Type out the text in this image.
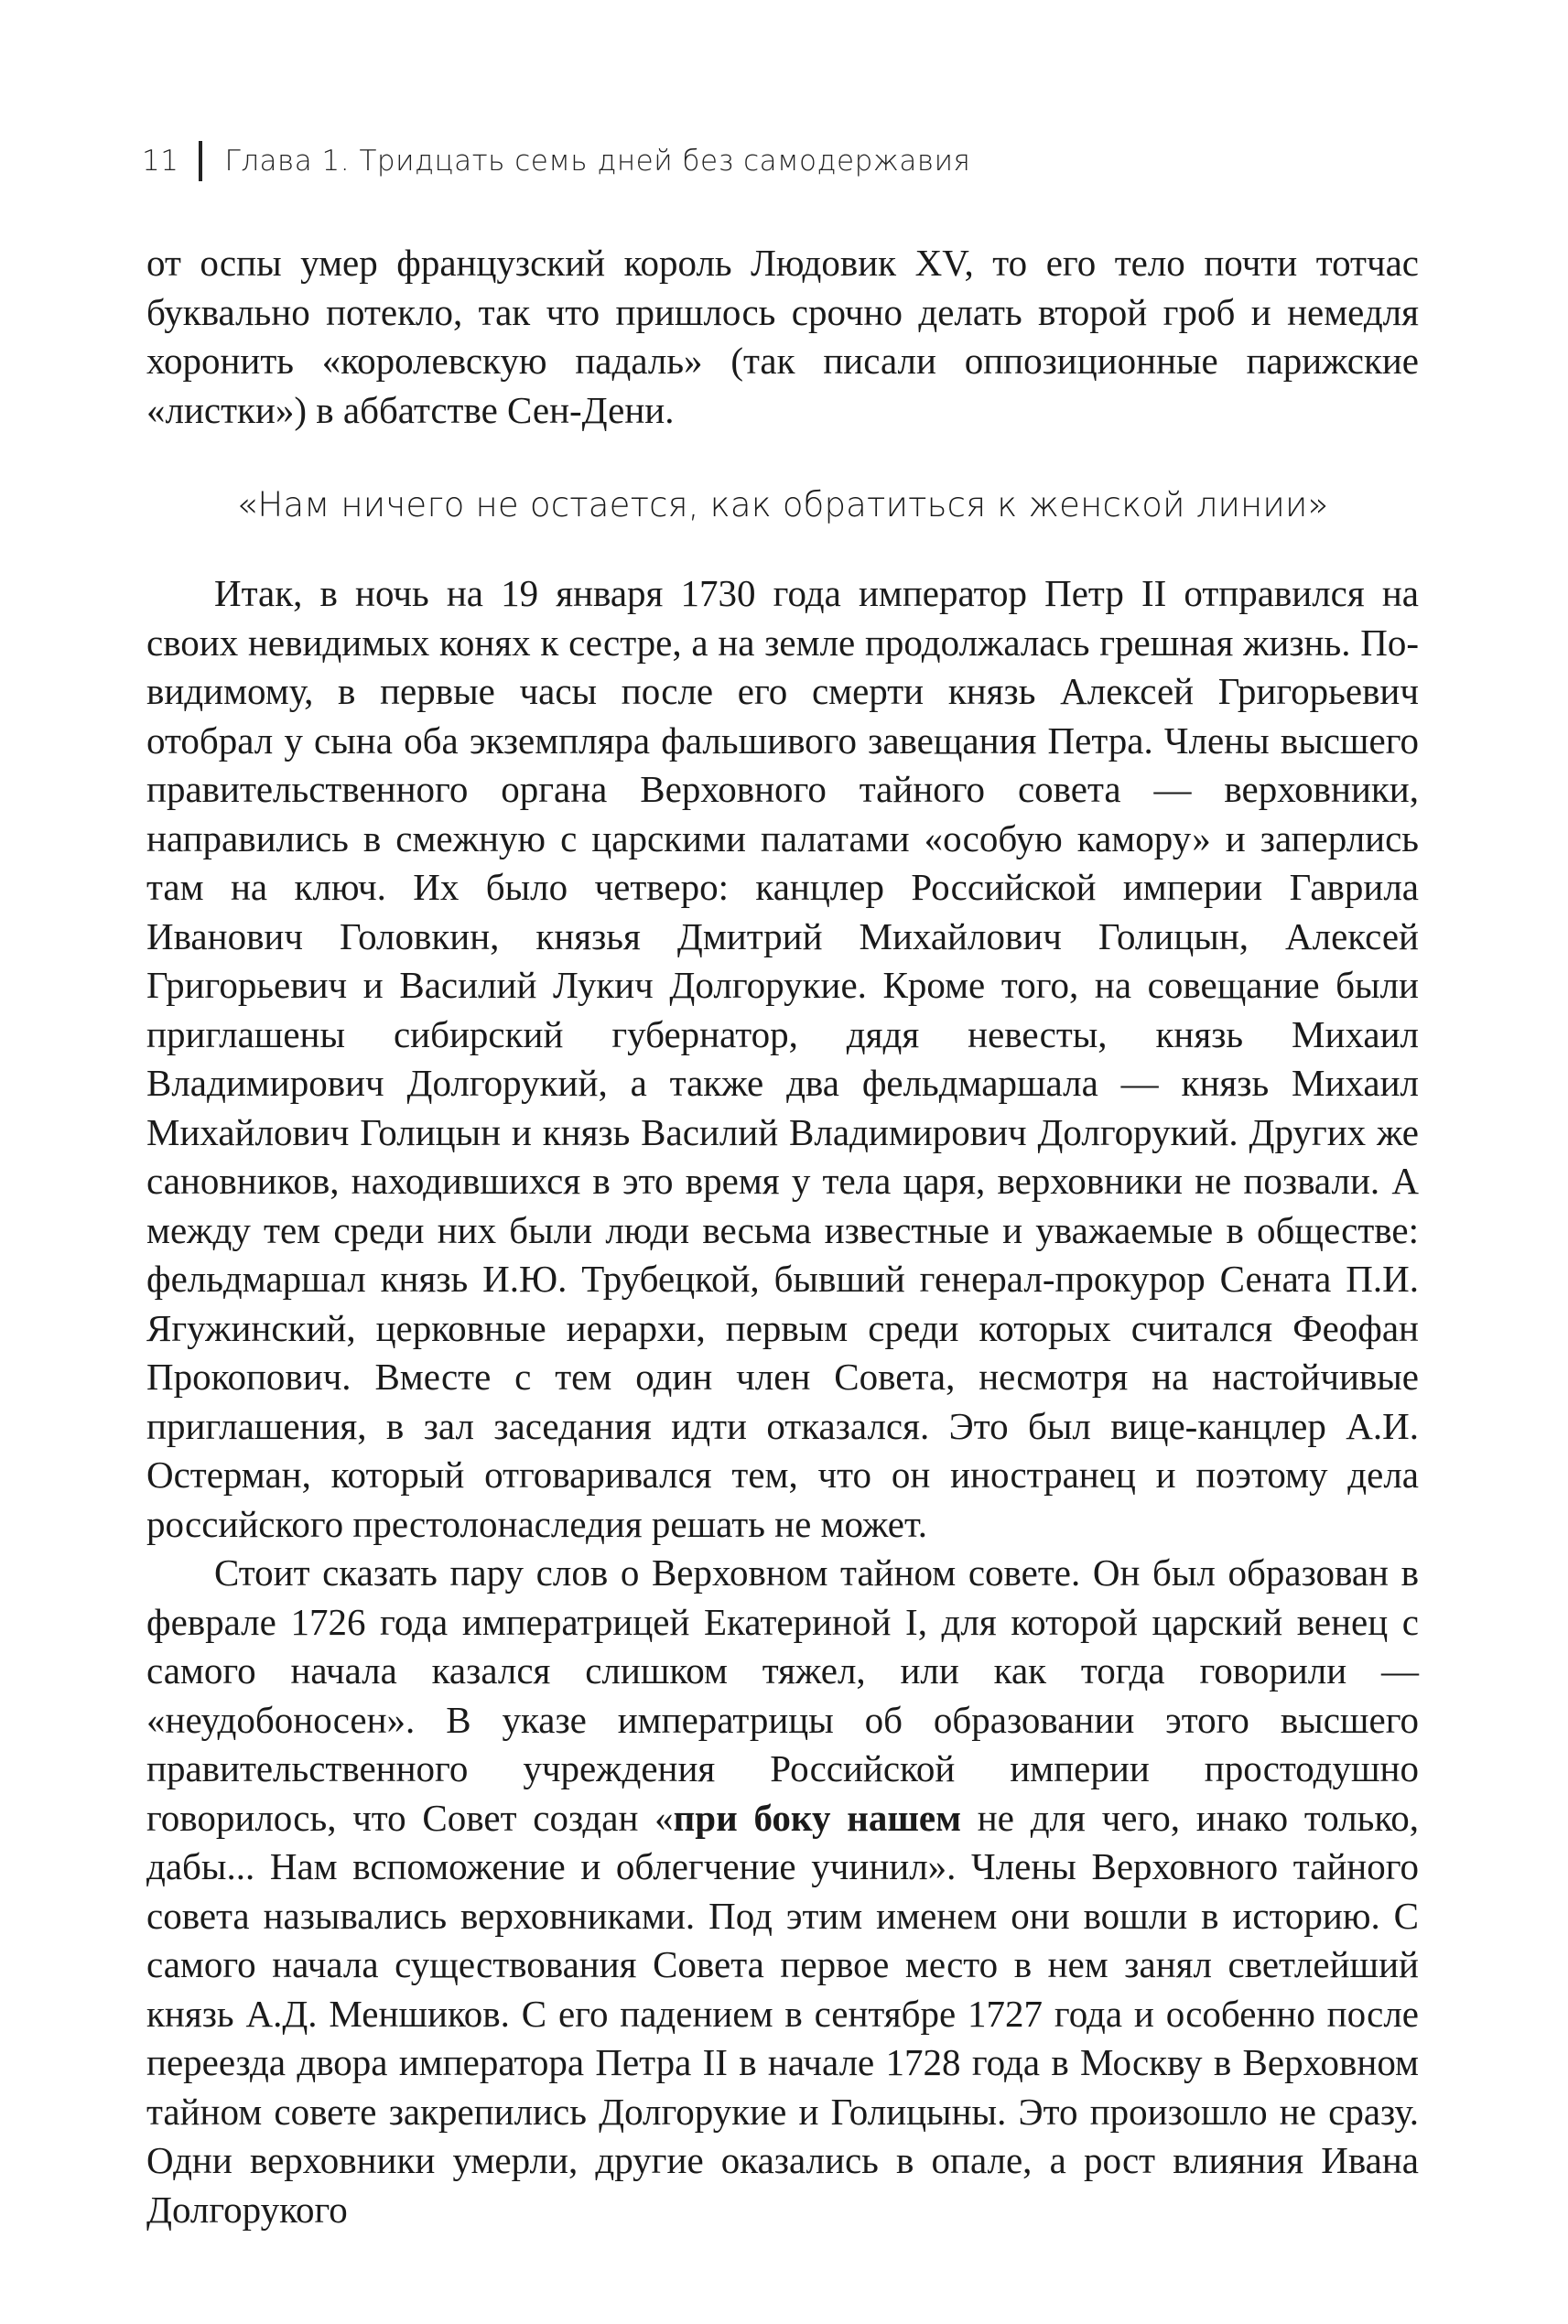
11 Глава 1. Тридцать семь дней без самодержавия

от оспы умер французский король Людовик XV, то его тело почти тотчас буквально потекло, так что пришлось срочно делать второй гроб и немедля хоронить «королевскую падаль» (так писали оппозиционные парижские «листки») в аббатстве Сен-Дени.

«Нам ничего не остается, как обратиться к женской линии»

Итак, в ночь на 19 января 1730 года император Петр II отправился на своих невидимых конях к сестре, а на земле продолжалась грешная жизнь. По-видимому, в первые часы после его смерти князь Алексей Григорьевич отобрал у сына оба экземпляра фальшивого завещания Петра. Члены высшего правительственного органа Верховного тайного совета — верховники, направились в смежную с царскими палатами «особую камору» и заперлись там на ключ. Их было четверо: канцлер Российской империи Гаврила Иванович Головкин, князья Дмитрий Михайлович Голицын, Алексей Григорьевич и Василий Лукич Долгорукие. Кроме того, на совещание были приглашены сибирский губернатор, дядя невесты, князь Михаил Владимирович Долгорукий, а также два фельдмаршала — князь Михаил Михайлович Голицын и князь Василий Владимирович Долгорукий. Других же сановников, находившихся в это время у тела царя, верховники не позвали. А между тем среди них были люди весьма известные и уважаемые в обществе: фельдмаршал князь И.Ю. Трубецкой, бывший генерал-прокурор Сената П.И. Ягужинский, церковные иерархи, первым среди которых считался Феофан Прокопович. Вместе с тем один член Совета, несмотря на настойчивые приглашения, в зал заседания идти отказался. Это был вице-канцлер А.И. Остерман, который отговаривался тем, что он иностранец и поэтому дела российского престолонаследия решать не может.

Стоит сказать пару слов о Верховном тайном совете. Он был образован в феврале 1726 года императрицей Екатериной I, для которой царский венец с самого начала казался слишком тяжел, или как тогда говорили — «неудобоносен». В указе императрицы об образовании этого высшего правительственного учреждения Российской империи простодушно говорилось, что Совет создан «при боку нашем не для чего, инако только, дабы... Нам вспоможение и облегчение учинил». Члены Верховного тайного совета назывались верховниками. Под этим именем они вошли в историю. С самого начала существования Совета первое место в нем занял светлейший князь А.Д. Меншиков. С его падением в сентябре 1727 года и особенно после переезда двора императора Петра II в начале 1728 года в Москву в Верховном тайном совете закрепились Долгорукие и Голицыны. Это произошло не сразу. Одни верховники умерли, другие оказались в опале, а рост влияния Ивана Долгорукого
